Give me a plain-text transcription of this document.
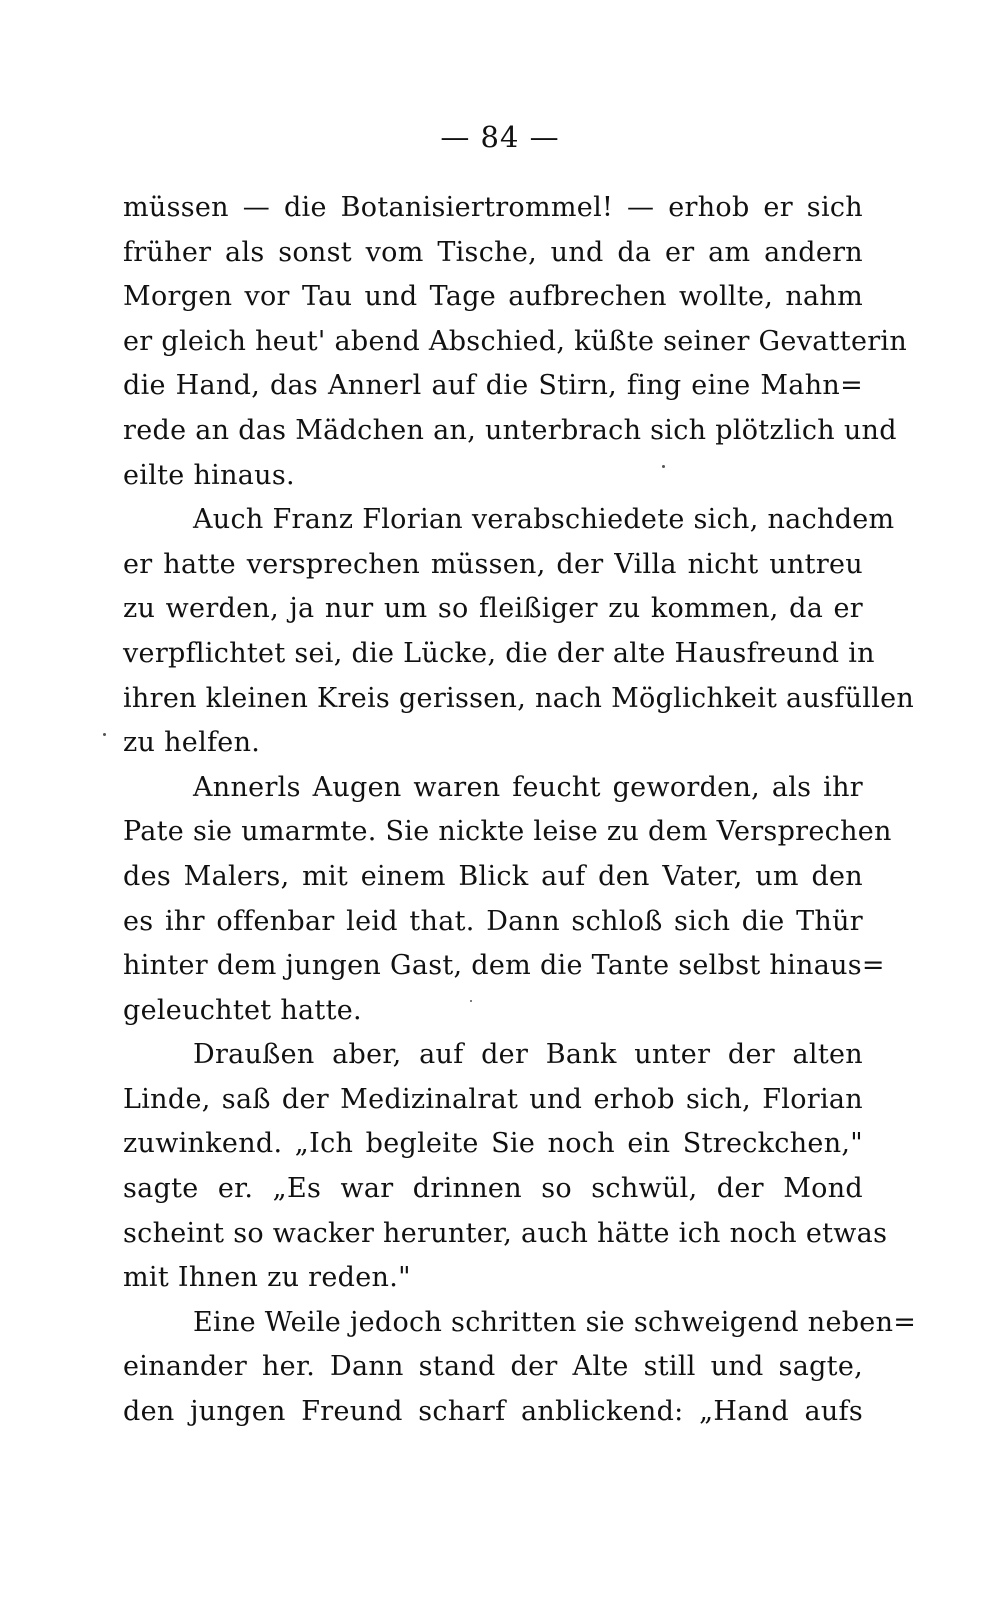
— 84 —
müssen — die Botanisiertrommel! — erhob er sich
früher als sonst vom Tische, und da er am andern
Morgen vor Tau und Tage aufbrechen wollte, nahm
er gleich heut' abend Abschied, küßte seiner Gevatterin
die Hand, das Annerl auf die Stirn, fing eine Mahn=
rede an das Mädchen an, unterbrach sich plötzlich und
eilte hinaus.
Auch Franz Florian verabschiedete sich, nachdem
er hatte versprechen müssen, der Villa nicht untreu
zu werden, ja nur um so fleißiger zu kommen, da er
verpflichtet sei, die Lücke, die der alte Hausfreund in
ihren kleinen Kreis gerissen, nach Möglichkeit ausfüllen
zu helfen.
Annerls Augen waren feucht geworden, als ihr
Pate sie umarmte. Sie nickte leise zu dem Versprechen
des Malers, mit einem Blick auf den Vater, um den
es ihr offenbar leid that. Dann schloß sich die Thür
hinter dem jungen Gast, dem die Tante selbst hinaus=
geleuchtet hatte.
Draußen aber, auf der Bank unter der alten
Linde, saß der Medizinalrat und erhob sich, Florian
zuwinkend. „Ich begleite Sie noch ein Streckchen,"
sagte er. „Es war drinnen so schwül, der Mond
scheint so wacker herunter, auch hätte ich noch etwas
mit Ihnen zu reden."
Eine Weile jedoch schritten sie schweigend neben=
einander her. Dann stand der Alte still und sagte,
den jungen Freund scharf anblickend: „Hand aufs
